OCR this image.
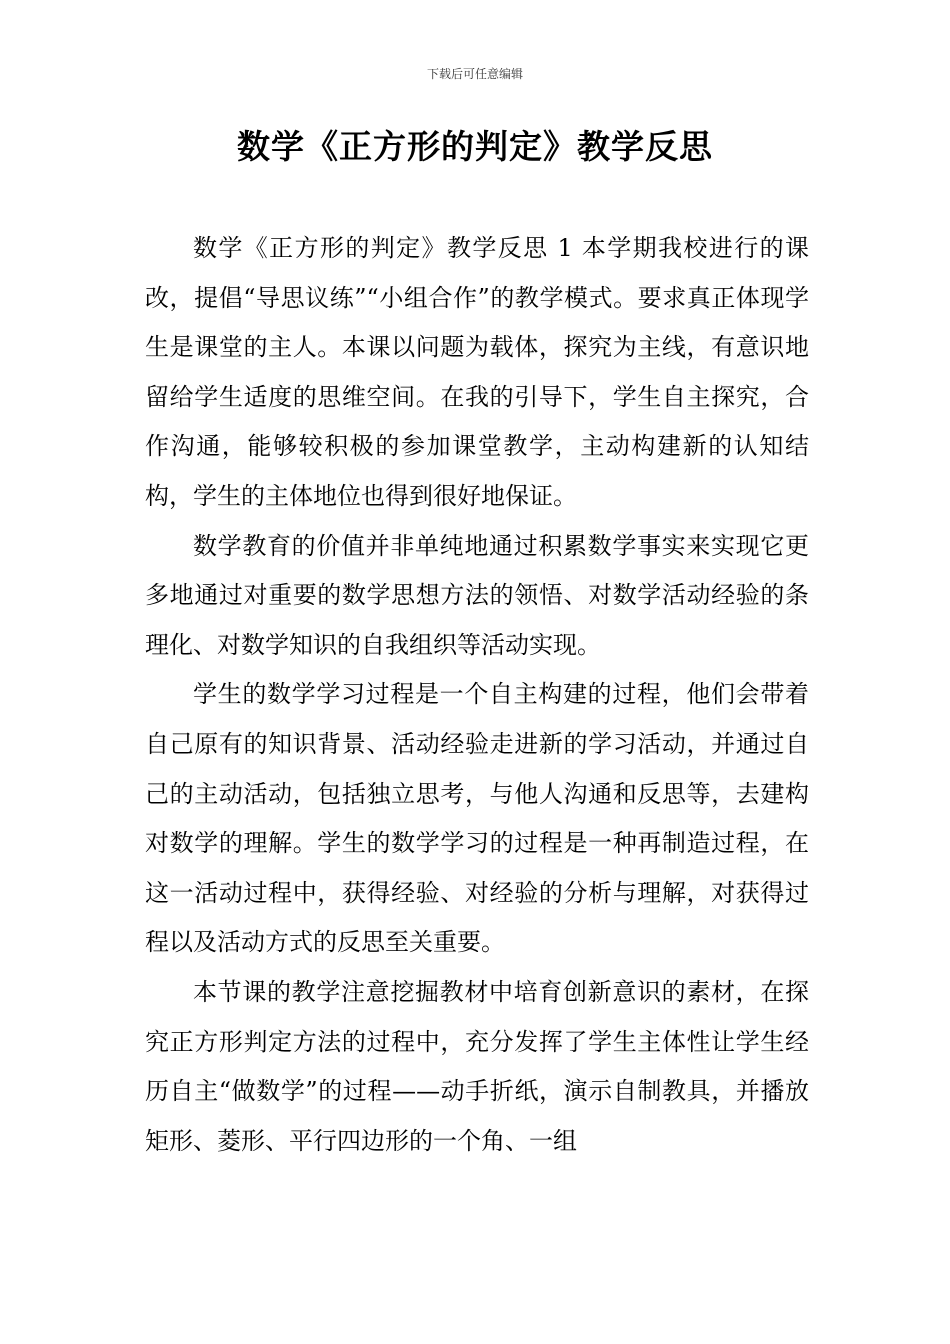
下载后可任意编辑
数学《正方形的判定》教学反思

数学《正方形的判定》教学反思 1 本学期我校进行的课改，提倡“导思议练”“小组合作”的教学模式。要求真正体现学生是课堂的主人。本课以问题为载体，探究为主线，有意识地留给学生适度的思维空间。在我的引导下，学生自主探究，合作沟通，能够较积极的参加课堂教学，主动构建新的认知结构，学生的主体地位也得到很好地保证。

数学教育的价值并非单纯地通过积累数学事实来实现它更多地通过对重要的数学思想方法的领悟、对数学活动经验的条理化、对数学知识的自我组织等活动实现。

学生的数学学习过程是一个自主构建的过程，他们会带着自己原有的知识背景、活动经验走进新的学习活动，并通过自己的主动活动，包括独立思考，与他人沟通和反思等，去建构对数学的理解。学生的数学学习的过程是一种再制造过程，在这一活动过程中，获得经验、对经验的分析与理解，对获得过程以及活动方式的反思至关重要。

本节课的教学注意挖掘教材中培育创新意识的素材，在探究正方形判定方法的过程中，充分发挥了学生主体性让学生经历自主“做数学”的过程——动手折纸，演示自制教具，并播放矩形、菱形、平行四边形的一个角、一组
